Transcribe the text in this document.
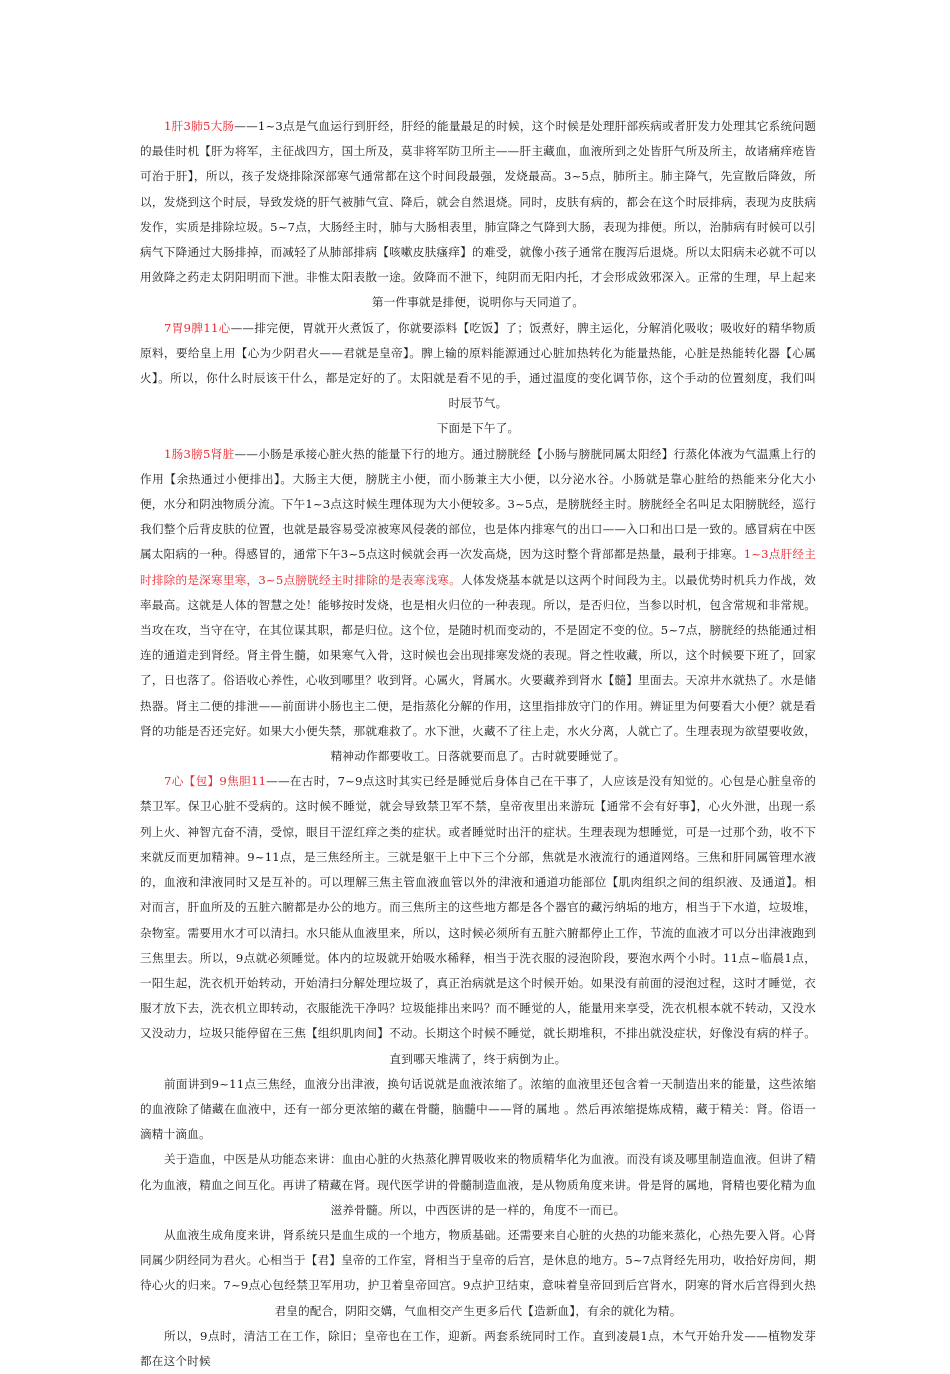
1肝3肺5大肠——1~3点是气血运行到肝经，肝经的能量最足的时候，这个时候是处理肝部疾病或者肝发力处理其它系统问题的最佳时机【肝为将军，主征战四方，国土所及，莫非将军防卫所主——肝主藏血，血液所到之处皆肝气所及所主，故诸痛痒疮皆可治于肝】，所以，孩子发烧排除深部寒气通常都在这个时间段最强，发烧最高。3~5点，肺所主。肺主降气，先宣散后降敛，所以，发烧到这个时辰，导致发烧的肝气被肺气宣、降后，就会自然退烧。同时，皮肤有病的，都会在这个时辰排病，表现为皮肤病发作，实质是排除垃圾。5~7点，大肠经主时，肺与大肠相表里，肺宣降之气降到大肠，表现为排便。所以，治肺病有时候可以引病气下降通过大肠排掉，而减轻了从肺部排病【咳嗽皮肤瘙痒】的难受，就像小孩子通常在腹泻后退烧。所以太阳病未必就不可以用敛降之药走太阴阳明而下泄。非惟太阳表散一途。敛降而不泄下，纯阴而无阳内托，才会形成敛邪深入。正常的生理，早上起来第一件事就是排便，说明你与天同道了。

7胃9脾11心——排完便，胃就开火煮饭了，你就要添料【吃饭】了；饭煮好，脾主运化，分解消化吸收；吸收好的精华物质原料，要给皇上用【心为少阴君火——君就是皇帝】。脾上输的原料能源通过心脏加热转化为能量热能，心脏是热能转化器【心属火】。所以，你什么时辰该干什么，都是定好的了。太阳就是看不见的手，通过温度的变化调节你，这个手动的位置刻度，我们叫时辰节气。

下面是下午了。

1肠3膀5肾脏——小肠是承接心脏火热的能量下行的地方。通过膀胱经【小肠与膀胱同属太阳经】行蒸化体液为气温熏上行的作用【余热通过小便排出】。大肠主大便，膀胱主小便，而小肠兼主大小便，以分泌水谷。小肠就是靠心脏给的热能来分化大小便，水分和阴浊物质分流。下午1~3点这时候生理体现为大小便较多。3~5点，是膀胱经主时。膀胱经全名叫足太阳膀胱经，巡行我们整个后背皮肤的位置，也就是最容易受凉被寒风侵袭的部位，也是体内排寒气的出口——入口和出口是一致的。感冒病在中医属太阳病的一种。得感冒的，通常下午3~5点这时候就会再一次发高烧，因为这时整个背部都是热量，最利于排寒。1~3点肝经主时排除的是深寒里寒，3~5点膀胱经主时排除的是表寒浅寒。人体发烧基本就是以这两个时间段为主。以最优势时机兵力作战，效率最高。这就是人体的智慧之处！能够按时发烧，也是相火归位的一种表现。所以，是否归位，当参以时机，包含常规和非常规。当攻在攻，当守在守，在其位谋其职，都是归位。这个位，是随时机而变动的，不是固定不变的位。5~7点，膀胱经的热能通过相连的通道走到肾经。肾主骨生髓，如果寒气入骨，这时候也会出现排寒发烧的表现。肾之性收藏，所以，这个时候要下班了，回家了，日也落了。俗语收心养性，心收到哪里？收到肾。心属火，肾属水。火要藏养到肾水【髓】里面去。天凉井水就热了。水是储热器。肾主二便的排泄——前面讲小肠也主二便，是指蒸化分解的作用，这里指排放守门的作用。辨证里为何要看大小便？就是看肾的功能是否还完好。如果大小便失禁，那就难救了。水下泄，火藏不了往上走，水火分离，人就亡了。生理表现为欲望要收敛，精神动作都要收工。日落就要而息了。古时就要睡觉了。

7心【包】9焦胆11——在古时，7~9点这时其实已经是睡觉后身体自己在干事了，人应该是没有知觉的。心包是心脏皇帝的禁卫军。保卫心脏不受病的。这时候不睡觉，就会导致禁卫军不禁，皇帝夜里出来游玩【通常不会有好事】，心火外泄，出现一系列上火、神智亢奋不清，受惊，眼目干涩红痒之类的症状。或者睡觉时出汗的症状。生理表现为想睡觉，可是一过那个劲，收不下来就反而更加精神。9~11点，是三焦经所主。三就是躯干上中下三个分部，焦就是水液流行的通道网络。三焦和肝同属管理水液的，血液和津液同时又是互补的。可以理解三焦主管血液血管以外的津液和通道功能部位【肌肉组织之间的组织液、及通道】。相对而言，肝血所及的五脏六腑都是办公的地方。而三焦所主的这些地方都是各个器官的藏污纳垢的地方，相当于下水道，垃圾堆，杂物室。需要用水才可以清扫。水只能从血液里来，所以，这时候必须所有五脏六腑都停止工作，节流的血液才可以分出津液跑到三焦里去。所以，9点就必须睡觉。体内的垃圾就开始吸水稀释，相当于洗衣服的浸泡阶段，要泡水两个小时。11点~临晨1点，一阳生起，洗衣机开始转动，开始清扫分解处理垃圾了，真正治病就是这个时候开始。如果没有前面的浸泡过程，这时才睡觉，衣服才放下去，洗衣机立即转动，衣服能洗干净吗？垃圾能排出来吗？而不睡觉的人，能量用来享受，洗衣机根本就不转动，又没水又没动力，垃圾只能停留在三焦【组织肌肉间】不动。长期这个时候不睡觉，就长期堆积，不排出就没症状，好像没有病的样子。直到哪天堆满了，终于病倒为止。

前面讲到9~11点三焦经，血液分出津液，换句话说就是血液浓缩了。浓缩的血液里还包含着一天制造出来的能量，这些浓缩的血液除了储藏在血液中，还有一部分更浓缩的藏在骨髓，脑髓中——肾的属地 。然后再浓缩提炼成精，藏于精关：肾。俗语一滴精十滴血。

关于造血，中医是从功能态来讲：血由心脏的火热蒸化脾胃吸收来的物质精华化为血液。而没有谈及哪里制造血液。但讲了精化为血液，精血之间互化。再讲了精藏在肾。现代医学讲的骨髓制造血液，是从物质角度来讲。骨是肾的属地，肾精也要化精为血滋养骨髓。所以，中西医讲的是一样的，角度不一而已。

从血液生成角度来讲，肾系统只是血生成的一个地方，物质基础。还需要来自心脏的火热的功能来蒸化，心热先要入肾。心肾同属少阴经同为君火。心相当于【君】皇帝的工作室，肾相当于皇帝的后宫，是休息的地方。5~7点肾经先用功，收拾好房间，期待心火的归来。7~9点心包经禁卫军用功，护卫着皇帝回宫。9点护卫结束，意味着皇帝回到后宫肾水，阴寒的肾水后宫得到火热君皇的配合，阴阳交媾，气血相交产生更多后代【造新血】，有余的就化为精。

所以，9点时，清洁工在工作，除旧；皇帝也在工作，迎新。两套系统同时工作。直到凌晨1点，木气开始升发——植物发芽都在这个时候
